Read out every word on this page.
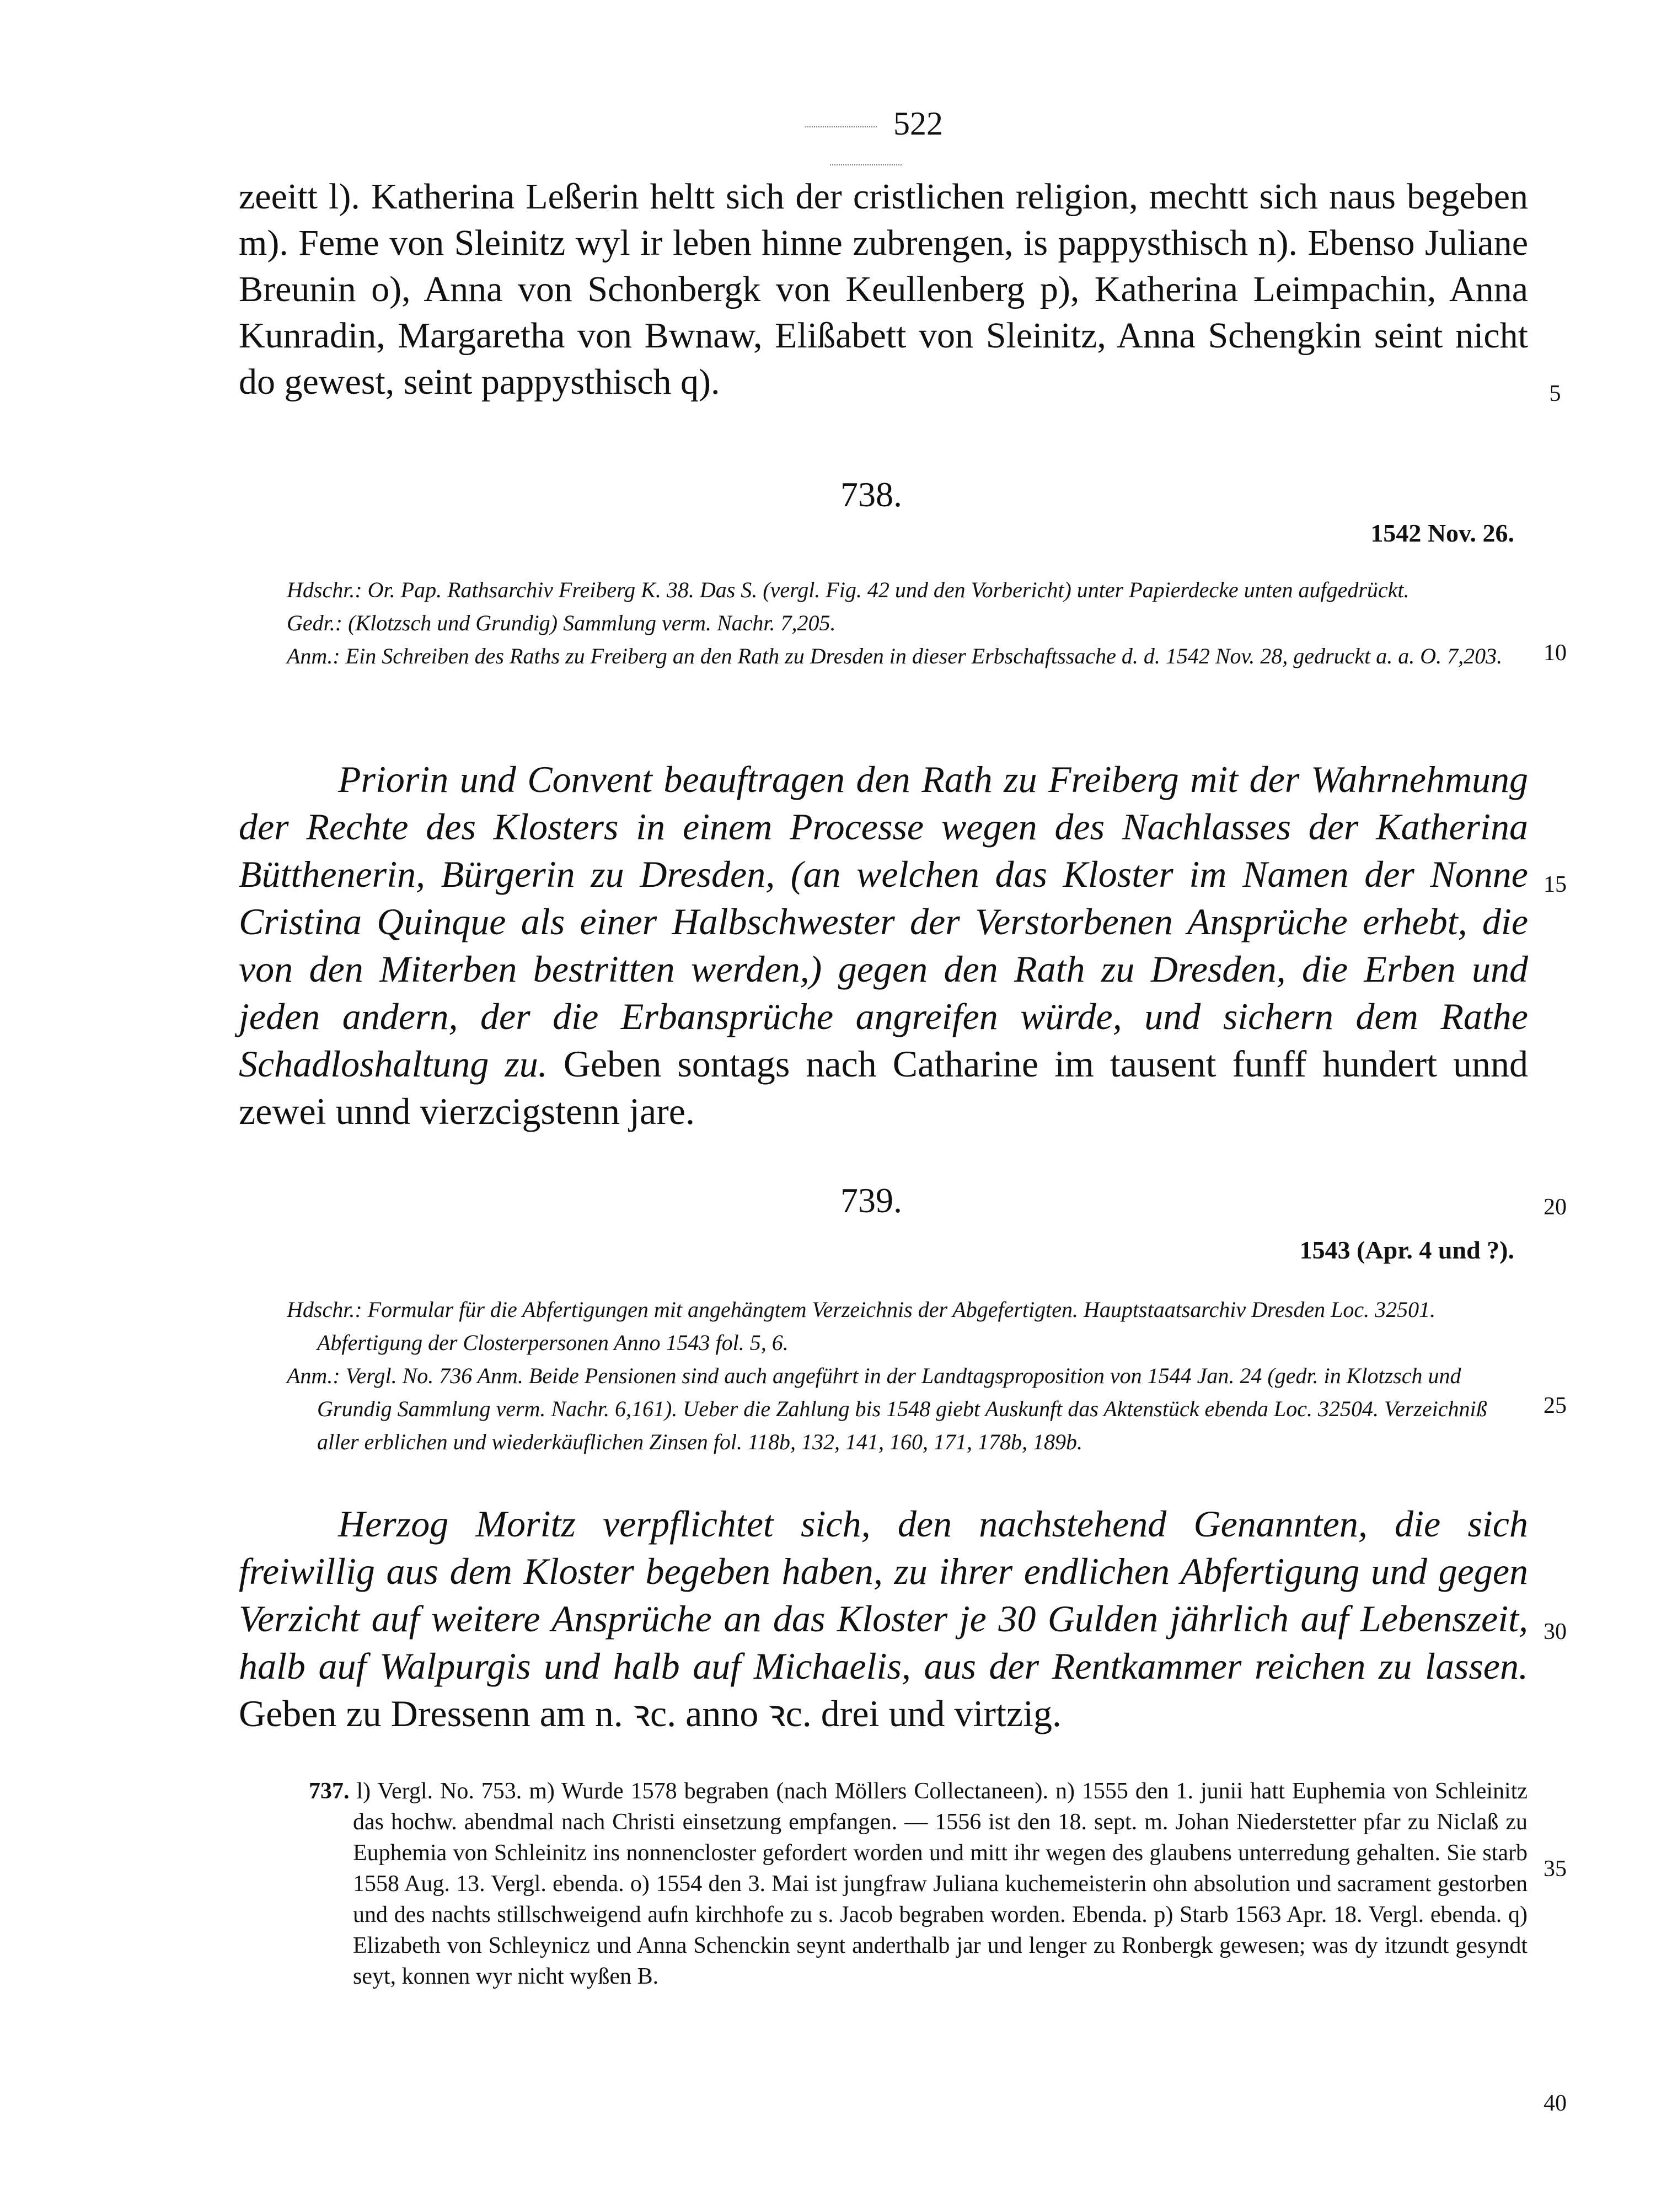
522
zeeitt l). Katherina Leßerin heltt sich der cristlichen religion, mechtt sich naus begeben m). Feme von Sleinitz wyl ir leben hinne zubrengen, is pappysthisch n). Ebenso Juliane Breunin o), Anna von Schonbergk von Keullenberg p), Katherina Leimpachin, Anna Kunradin, Margaretha von Bwnaw, Elißabett von Sleinitz, Anna Schengkin seint nicht do gewest, seint pappysthisch q).
738.
1542 Nov. 26.

Hdschr.: Or. Pap. Rathsarchiv Freiberg K. 38. Das S. (vergl. Fig. 42 und den Vorbericht) unter Papierdecke unten aufgedrückt.

Gedr.: (Klotzsch und Grundig) Sammlung verm. Nachr. 7,205.

Anm.: Ein Schreiben des Raths zu Freiberg an den Rath zu Dresden in dieser Erbschaftssache d. d. 1542 Nov. 28, gedruckt a. a. O. 7,203.

Priorin und Convent beauftragen den Rath zu Freiberg mit der Wahrnehmung der Rechte des Klosters in einem Processe wegen des Nachlasses der Katherina Bütthenerin, Bürgerin zu Dresden, (an welchen das Kloster im Namen der Nonne Cristina Quinque als einer Halbschwester der Verstorbenen Ansprüche erhebt, die von den Miterben bestritten werden,) gegen den Rath zu Dresden, die Erben und jeden andern, der die Erbansprüche angreifen würde, und sichern dem Rathe Schadloshaltung zu. Geben sontags nach Catharine im tausent funff hundert unnd zewei unnd vierzcigstenn jare.
739.
1543 (Apr. 4 und ?).

Hdschr.: Formular für die Abfertigungen mit angehängtem Verzeichnis der Abgefertigten. Hauptstaatsarchiv Dresden Loc. 32501. Abfertigung der Closterpersonen Anno 1543 fol. 5, 6.

Anm.: Vergl. No. 736 Anm. Beide Pensionen sind auch angeführt in der Landtagsproposition von 1544 Jan. 24 (gedr. in Klotzsch und Grundig Sammlung verm. Nachr. 6,161). Ueber die Zahlung bis 1548 giebt Auskunft das Aktenstück ebenda Loc. 32504. Verzeichniß aller erblichen und wiederkäuflichen Zinsen fol. 118b, 132, 141, 160, 171, 178b, 189b.

Herzog Moritz verpflichtet sich, den nachstehend Genannten, die sich freiwillig aus dem Kloster begeben haben, zu ihrer endlichen Abfertigung und gegen Verzicht auf weitere Ansprüche an das Kloster je 30 Gulden jährlich auf Lebenszeit, halb auf Walpurgis und halb auf Michaelis, aus der Rentkammer reichen zu lassen. Geben zu Dressenn am n. ꝛc. anno ꝛc. drei und virtzig.
737. l) Vergl. No. 753. m) Wurde 1578 begraben (nach Möllers Collectaneen). n) 1555 den 1. junii hatt Euphemia von Schleinitz das hochw. abendmal nach Christi einsetzung empfangen. — 1556 ist den 18. sept. m. Johan Niederstetter pfar zu Niclaß zu Euphemia von Schleinitz ins nonnencloster gefordert worden und mitt ihr wegen des glaubens unterredung gehalten. Sie starb 1558 Aug. 13. Vergl. ebenda. o) 1554 den 3. Mai ist jungfraw Juliana kuchemeisterin ohn absolution und sacrament gestorben und des nachts stillschweigend aufn kirchhofe zu s. Jacob begraben worden. Ebenda. p) Starb 1563 Apr. 18. Vergl. ebenda. q) Elizabeth von Schleynicz und Anna Schenckin seynt anderthalb jar und lenger zu Ronbergk gewesen; was dy itzundt gesyndt seyt, konnen wyr nicht wyßen B.
5
10
15
20
25
30
35
40
